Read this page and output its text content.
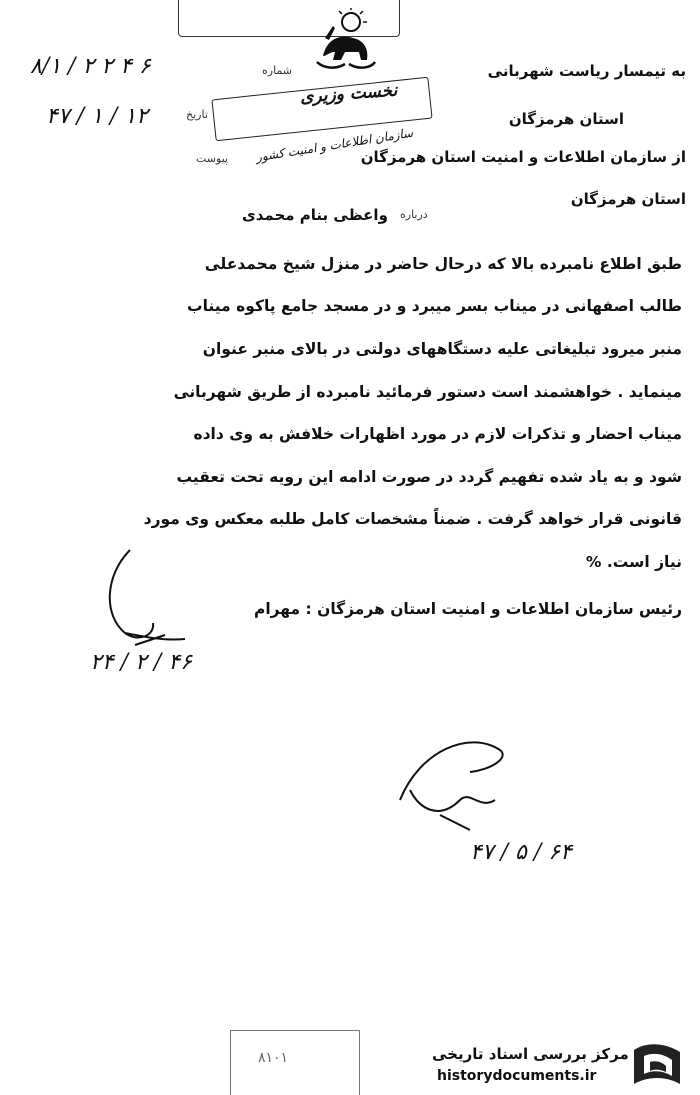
به تیمسار ریاست شهربانی
شماره
۸/۱ / ۲ ۲ ۴ ۶
استان هرمزگان
تاریخ
۴۷ / ۱ / ۱۲
نخست وزیری
سازمان اطلاعات و امنیت کشور
از سازمان اطلاعات و امنیت استان هرمزگان
پیوست
استان هرمزگان
درباره
واعظی بنام محمدی
طبق اطلاع نامبرده بالا که درحال حاضر در منزل شیخ محمدعلی
طالب اصفهانی در میناب بسر میبرد و در مسجد جامع پاکوه میناب
منبر میرود تبلیغاتی علیه دستگاههای دولتی در بالای منبر عنوان
مینماید . خواهشمند است دستور فرمائید نامبرده از طریق شهربانی
میناب احضار و تذکرات لازم در مورد اظهارات خلافش به وی داده
شود و به یاد شده تفهیم گردد در صورت ادامه این رویه تحت تعقیب
قانونی قرار خواهد گرفت . ضمناً مشخصات کامل طلبه معکس وی مورد
نیاز است. %
رئیس سازمان اطلاعات و امنیت استان هرمزگان : مهرام
۲۴ / ۲ / ۴۶
۴۷ / ۵ / ۶۴
۸۱۰۱	مرکز بررسی اسناد تاریخی
historydocuments.ir
